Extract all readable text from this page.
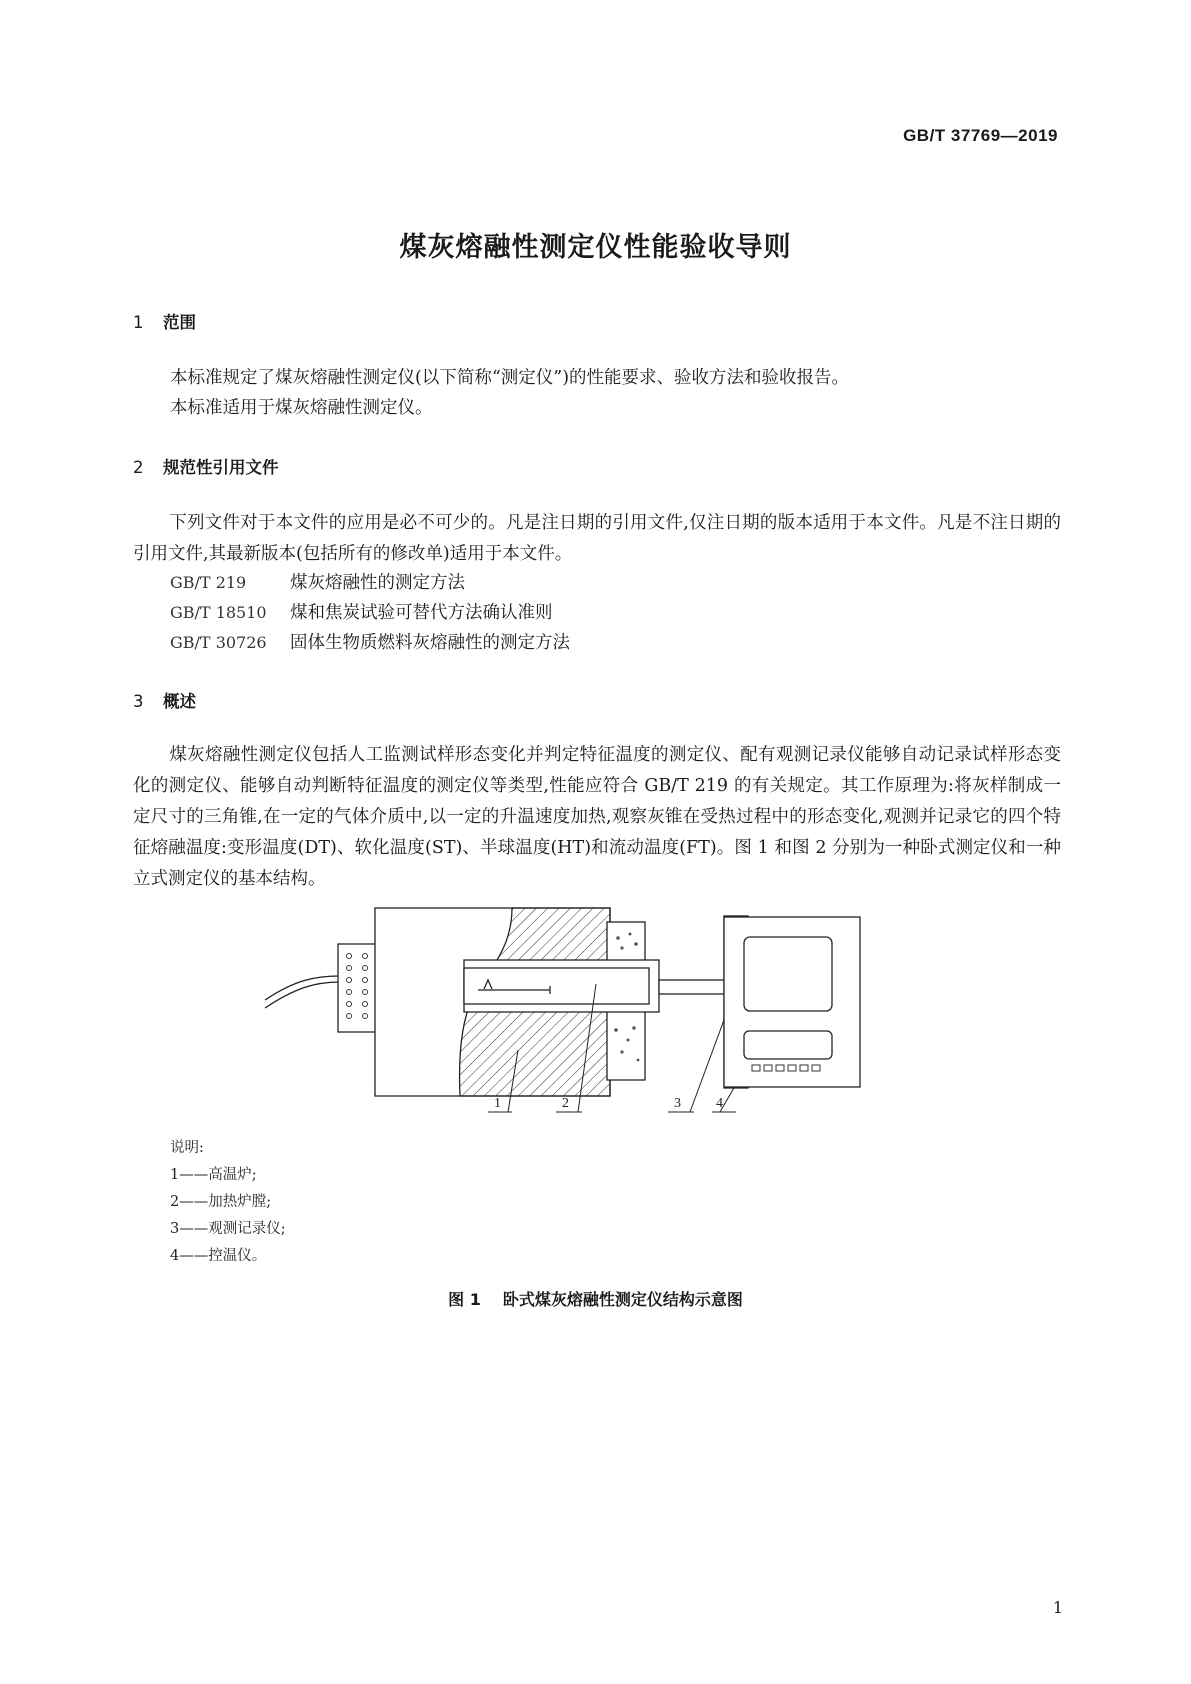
GB/T 37769—2019
煤灰熔融性测定仪性能验收导则
1 范围
本标准规定了煤灰熔融性测定仪(以下简称“测定仪”)的性能要求、验收方法和验收报告。
本标准适用于煤灰熔融性测定仪。
2 规范性引用文件
下列文件对于本文件的应用是必不可少的。凡是注日期的引用文件,仅注日期的版本适用于本文件。凡是不注日期的引用文件,其最新版本(包括所有的修改单)适用于本文件。
GB/T 219	煤灰熔融性的测定方法
GB/T 18510 煤和焦炭试验可替代方法确认准则
GB/T 30726 固体生物质燃料灰熔融性的测定方法
3 概述
煤灰熔融性测定仪包括人工监测试样形态变化并判定特征温度的测定仪、配有观测记录仪能够自动记录试样形态变化的测定仪、能够自动判断特征温度的测定仪等类型,性能应符合 GB/T 219 的有关规定。其工作原理为:将灰样制成一定尺寸的三角锥,在一定的气体介质中,以一定的升温速度加热,观察灰锥在受热过程中的形态变化,观测并记录它的四个特征熔融温度:变形温度(DT)、软化温度(ST)、半球温度(HT)和流动温度(FT)。图 1 和图 2 分别为一种卧式测定仪和一种立式测定仪的基本结构。
1	2	3	4
说明:
1——高温炉;
2——加热炉膛;
3——观测记录仪;
4——控温仪。
图 1 卧式煤灰熔融性测定仪结构示意图
1
